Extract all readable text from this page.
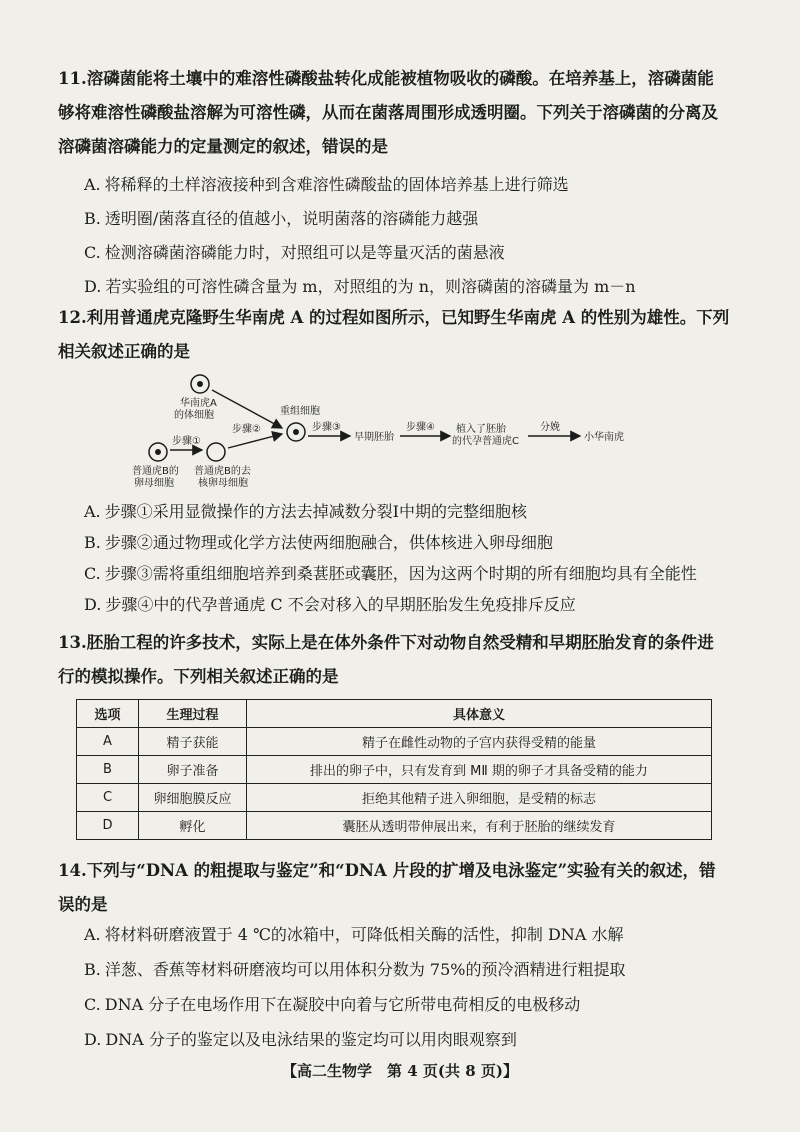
11.溶磷菌能将土壤中的难溶性磷酸盐转化成能被植物吸收的磷酸。在培养基上，溶磷菌能够将难溶性磷酸盐溶解为可溶性磷，从而在菌落周围形成透明圈。下列关于溶磷菌的分离及溶磷菌溶磷能力的定量测定的叙述，错误的是
A. 将稀释的土样溶液接种到含难溶性磷酸盐的固体培养基上进行筛选
B. 透明圈/菌落直径的值越小，说明菌落的溶磷能力越强
C. 检测溶磷菌溶磷能力时，对照组可以是等量灭活的菌悬液
D. 若实验组的可溶性磷含量为 m，对照组的为 n，则溶磷菌的溶磷量为 m－n
12.利用普通虎克隆野生华南虎 A 的过程如图所示，已知野生华南虎 A 的性别为雄性。下列相关叙述正确的是
华南虎A
的体细胞
普通虎B的
卵母细胞
步骤①
普通虎B的去
核卵母细胞
步骤②
重组细胞
步骤③
早期胚胎
步骤④ 植入了胚胎
的代孕普通虎C
分娩
小华南虎
A. 步骤①采用显微操作的方法去掉减数分裂Ⅰ中期的完整细胞核
B. 步骤②通过物理或化学方法使两细胞融合，供体核进入卵母细胞
C. 步骤③需将重组细胞培养到桑葚胚或囊胚，因为这两个时期的所有细胞均具有全能性
D. 步骤④中的代孕普通虎 C 不会对移入的早期胚胎发生免疫排斥反应
13.胚胎工程的许多技术，实际上是在体外条件下对动物自然受精和早期胚胎发育的条件进行的模拟操作。下列相关叙述正确的是
选项	生理过程	具体意义
A	精子获能	精子在雌性动物的子宫内获得受精的能量
B	卵子准备	排出的卵子中，只有发育到 MⅡ 期的卵子才具备受精的能力
C	卵细胞膜反应	拒绝其他精子进入卵细胞，是受精的标志
D	孵化	囊胚从透明带伸展出来，有利于胚胎的继续发育
14.下列与“DNA 的粗提取与鉴定”和“DNA 片段的扩增及电泳鉴定”实验有关的叙述，错误的是
A. 将材料研磨液置于 4 ℃的冰箱中，可降低相关酶的活性，抑制 DNA 水解
B. 洋葱、香蕉等材料研磨液均可以用体积分数为 75%的预冷酒精进行粗提取
C. DNA 分子在电场作用下在凝胶中向着与它所带电荷相反的电极移动
D. DNA 分子的鉴定以及电泳结果的鉴定均可以用肉眼观察到
【高二生物学　第 4 页(共 8 页)】
